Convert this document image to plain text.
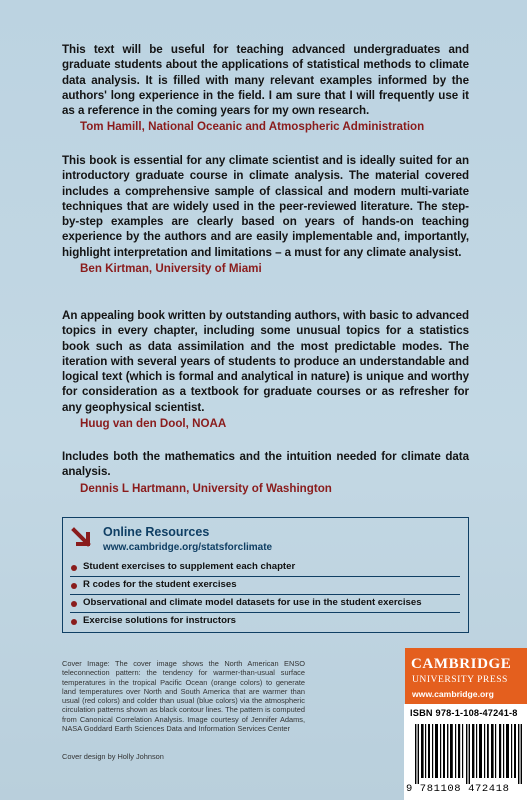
This text will be useful for teaching advanced undergraduates and graduate students about the applications of statistical methods to climate data analysis. It is filled with many relevant examples informed by the authors' long experience in the field. I am sure that I will frequently use it as a reference in the coming years for my own research.

Tom Hamill, National Oceanic and Atmospheric Administration

This book is essential for any climate scientist and is ideally suited for an introductory graduate course in climate analysis. The material covered includes a comprehensive sample of classical and modern multi-variate techniques that are widely used in the peer-reviewed literature. The step-by-step examples are clearly based on years of hands-on teaching experience by the authors and are easily implementable and, importantly, highlight interpretation and limitations – a must for any climate analysist.

Ben Kirtman, University of Miami

An appealing book written by outstanding authors, with basic to advanced topics in every chapter, including some unusual topics for a statistics book such as data assimilation and the most predictable modes. The iteration with several years of students to produce an understandable and logical text (which is formal and analytical in nature) is unique and worthy for consideration as a textbook for graduate courses or as refresher for any geophysical scientist.

Huug van den Dool, NOAA

Includes both the mathematics and the intuition needed for climate data analysis.

Dennis L Hartmann, University of Washington
Online Resources
www.cambridge.org/statsforclimate
Student exercises to supplement each chapter
R codes for the student exercises
Observational and climate model datasets for use in the student exercises
Exercise solutions for instructors
Cover Image: The cover image shows the North American ENSO teleconnection pattern: the tendency for warmer-than-usual surface temperatures in the tropical Pacific Ocean (orange colors) to generate land temperatures over North and South America that are warmer than usual (red colors) and colder than usual (blue colors) via the atmospheric circulation patterns shown as black contour lines. The pattern is computed from Canonical Correlation Analysis. Image courtesy of Jennifer Adams, NASA Goddard Earth Sciences Data and Information Services Center
Cover design by Holly Johnson
CAMBRIDGE
UNIVERSITY PRESS
www.cambridge.org
ISBN 978-1-108-47241-8
9 781108 472418
